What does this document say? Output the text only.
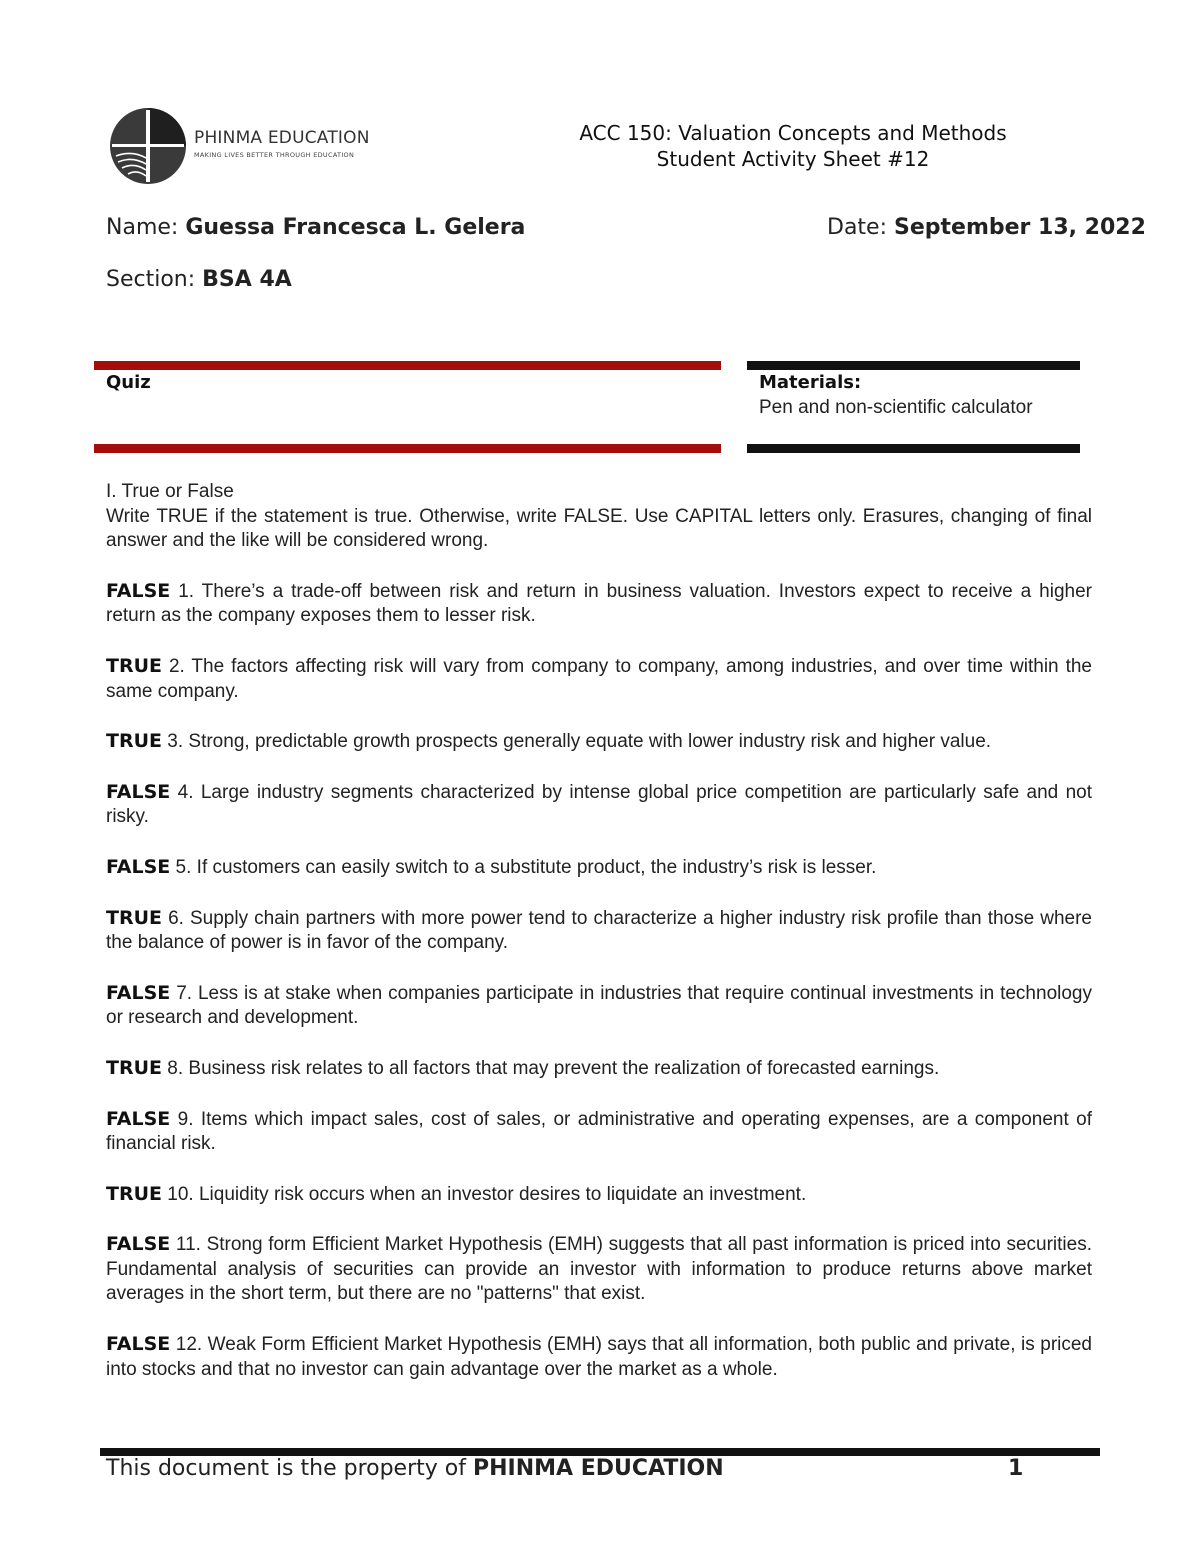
PHINMA EDUCATION
MAKING LIVES BETTER THROUGH EDUCATION
ACC 150: Valuation Concepts and Methods
Student Activity Sheet #12
Name: Guessa Francesca L. Gelera	Date: September 13, 2022
Section: BSA 4A
Quiz	Materials:
Pen and non-scientific calculator

I. True or False

Write TRUE if the statement is true. Otherwise, write FALSE. Use CAPITAL letters only. Erasures, changing of final answer and the like will be considered wrong.

FALSE 1. There’s a trade-off between risk and return in business valuation. Investors expect to receive a higher return as the company exposes them to lesser risk.

TRUE 2. The factors affecting risk will vary from company to company, among industries, and over time within the same company.

TRUE 3. Strong, predictable growth prospects generally equate with lower industry risk and higher value.

FALSE 4. Large industry segments characterized by intense global price competition are particularly safe and not risky.

FALSE 5. If customers can easily switch to a substitute product, the industry’s risk is lesser.

TRUE 6. Supply chain partners with more power tend to characterize a higher industry risk profile than those where the balance of power is in favor of the company.

FALSE 7. Less is at stake when companies participate in industries that require continual investments in technology or research and development.

TRUE 8. Business risk relates to all factors that may prevent the realization of forecasted earnings.

FALSE 9. Items which impact sales, cost of sales, or administrative and operating expenses, are a component of financial risk.

TRUE 10. Liquidity risk occurs when an investor desires to liquidate an investment.

FALSE 11. Strong form Efficient Market Hypothesis (EMH) suggests that all past information is priced into securities. Fundamental analysis of securities can provide an investor with information to produce returns above market averages in the short term, but there are no "patterns" that exist.

FALSE 12. Weak Form Efficient Market Hypothesis (EMH) says that all information, both public and private, is priced into stocks and that no investor can gain advantage over the market as a whole.

This document is the property of PHINMA EDUCATION	1
